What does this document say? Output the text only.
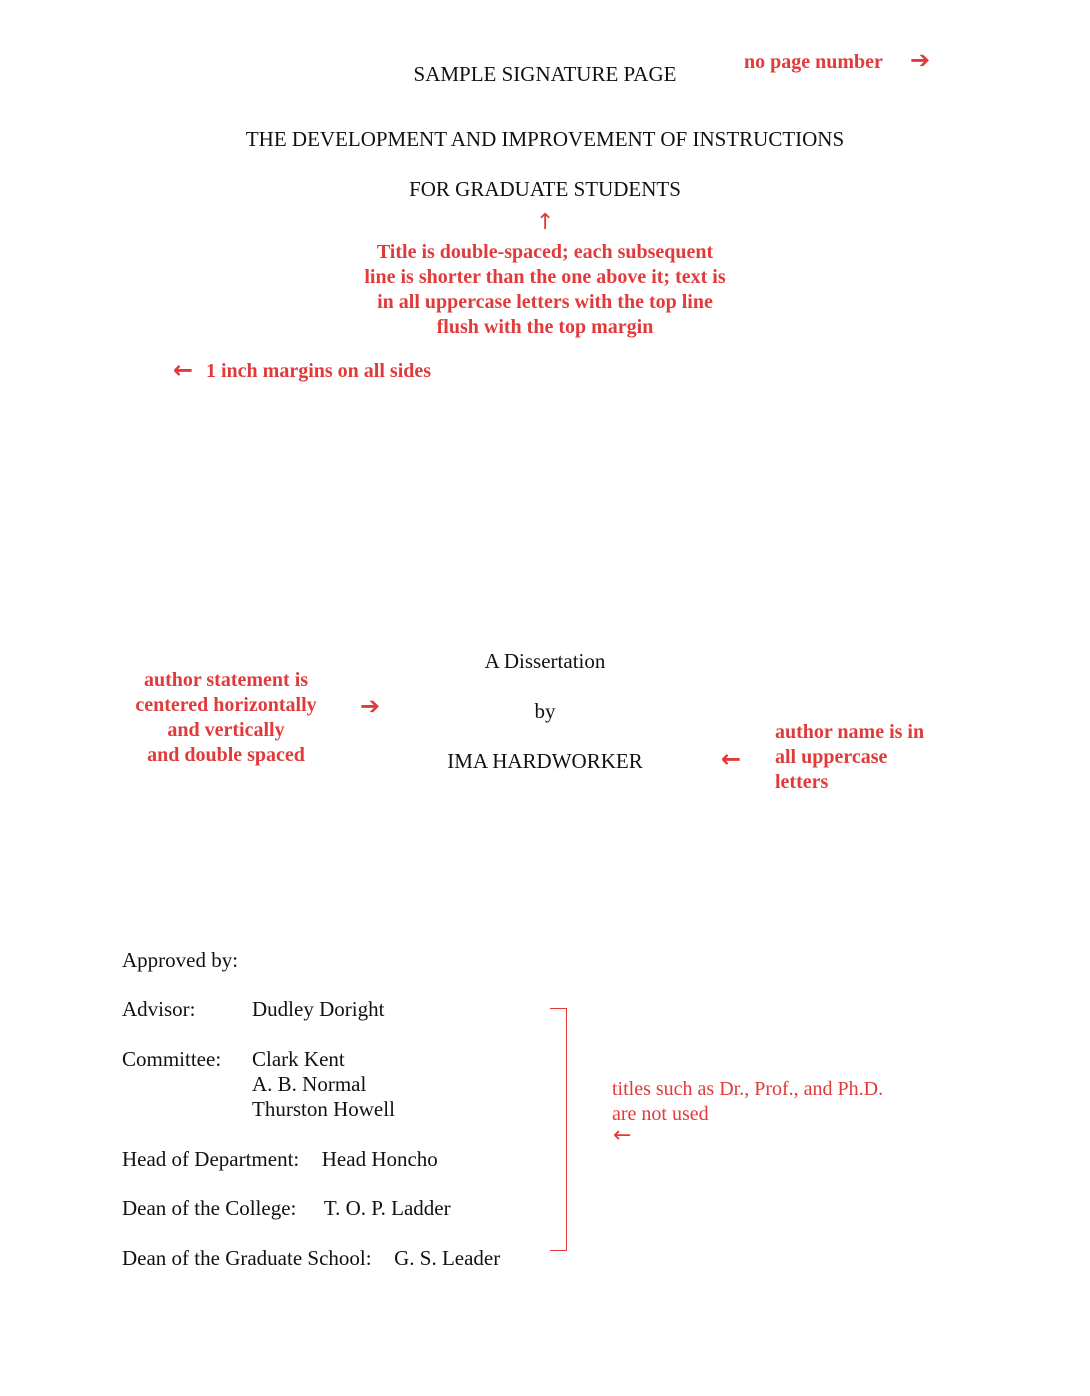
SAMPLE SIGNATURE PAGE
THE DEVELOPMENT AND IMPROVEMENT OF INSTRUCTIONS
FOR GRADUATE STUDENTS
A Dissertation
by
IMA HARDWORKER
Approved by:
Advisor:	Dudley Doright
Committee: Clark Kent
A. B. Normal
Thurston Howell
Head of Department: Head Honcho
Dean of the College: T. O. P. Ladder
Dean of the Graduate School: G. S. Leader
no page number ➔
↑
Title is double-spaced; each subsequent
line is shorter than the one above it; text is
in all uppercase letters with the top line
flush with the top margin
← 1 inch margins on all sides
author statement is
centered horizontally
and vertically
and double spaced
➔
←
author name is in
all uppercase
letters
titles such as Dr., Prof., and Ph.D.
are not used
←
